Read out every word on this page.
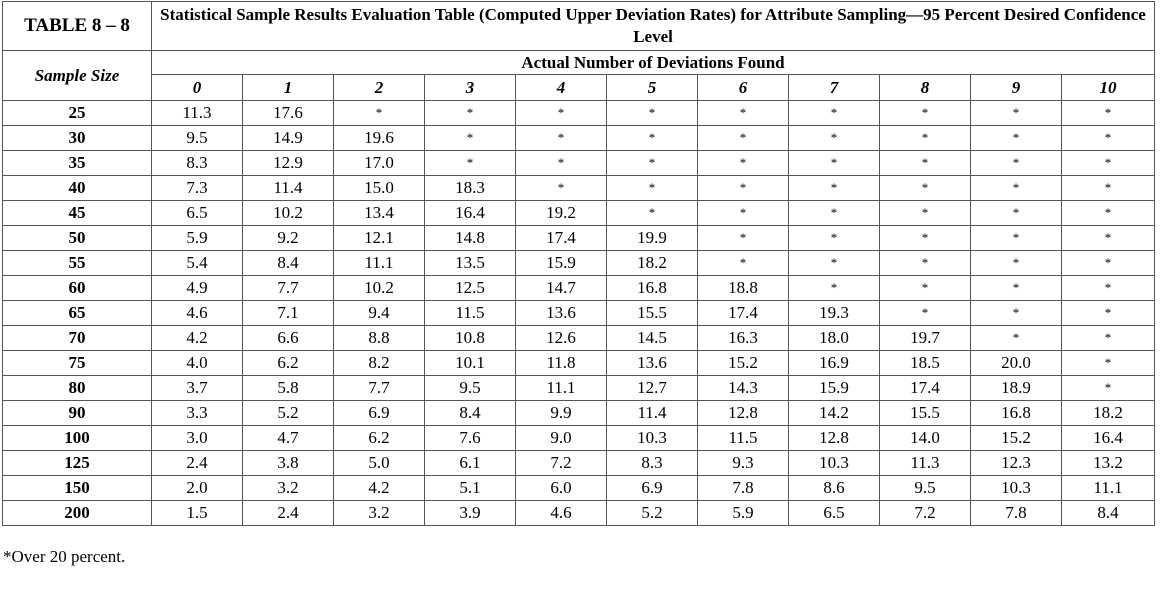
TABLE 8 – 8	Statistical Sample Results Evaluation Table (Computed Upper Deviation Rates) for Attribute Sampling—95 Percent Desired Confidence Level										
Sample Size	Actual Number of Deviations Found										
	0	1	2	3	4	5	6	7	8	9	10
25	11.3	17.6	*	*	*	*	*	*	*	*	*
30	9.5	14.9	19.6	*	*	*	*	*	*	*	*
35	8.3	12.9	17.0	*	*	*	*	*	*	*	*
40	7.3	11.4	15.0	18.3	*	*	*	*	*	*	*
45	6.5	10.2	13.4	16.4	19.2	*	*	*	*	*	*
50	5.9	9.2	12.1	14.8	17.4	19.9	*	*	*	*	*
55	5.4	8.4	11.1	13.5	15.9	18.2	*	*	*	*	*
60	4.9	7.7	10.2	12.5	14.7	16.8	18.8	*	*	*	*
65	4.6	7.1	9.4	11.5	13.6	15.5	17.4	19.3	*	*	*
70	4.2	6.6	8.8	10.8	12.6	14.5	16.3	18.0	19.7	*	*
75	4.0	6.2	8.2	10.1	11.8	13.6	15.2	16.9	18.5	20.0	*
80	3.7	5.8	7.7	9.5	11.1	12.7	14.3	15.9	17.4	18.9	*
90	3.3	5.2	6.9	8.4	9.9	11.4	12.8	14.2	15.5	16.8	18.2
100	3.0	4.7	6.2	7.6	9.0	10.3	11.5	12.8	14.0	15.2	16.4
125	2.4	3.8	5.0	6.1	7.2	8.3	9.3	10.3	11.3	12.3	13.2
150	2.0	3.2	4.2	5.1	6.0	6.9	7.8	8.6	9.5	10.3	11.1
200	1.5	2.4	3.2	3.9	4.6	5.2	5.9	6.5	7.2	7.8	8.4
*Over 20 percent.
